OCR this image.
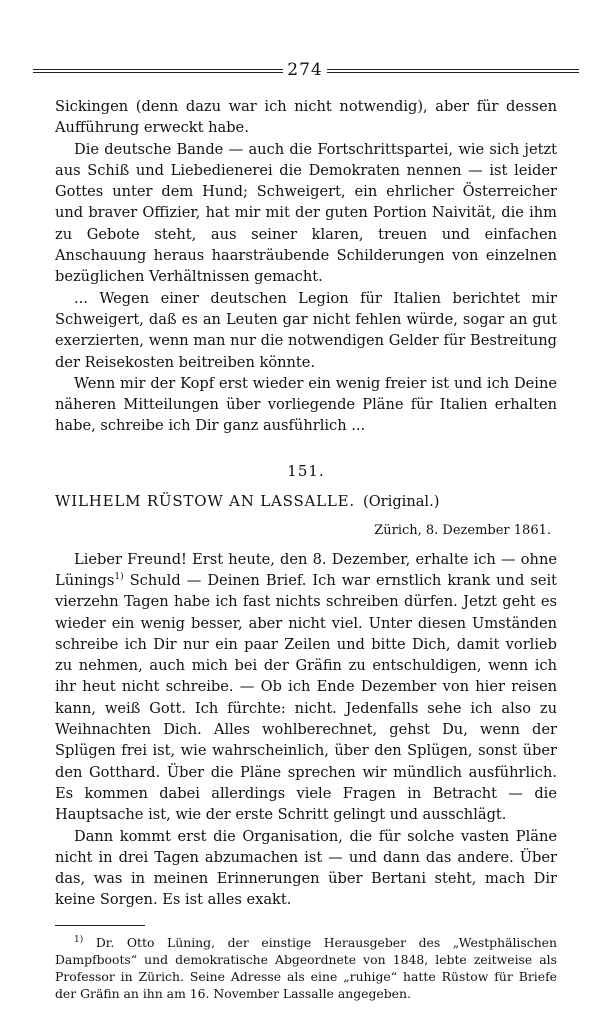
274

Sickingen (denn dazu war ich nicht notwendig), aber für dessen Aufführung erweckt habe.

Die deutsche Bande — auch die Fortschrittspartei, wie sich jetzt aus Schiß und Liebedienerei die Demokraten nennen — ist leider Gottes unter dem Hund; Schweigert, ein ehrlicher Österreicher und braver Offizier, hat mir mit der guten Portion Naivität, die ihm zu Gebote steht, aus seiner klaren, treuen und einfachen Anschauung heraus haarsträubende Schilderungen von einzelnen bezüglichen Verhältnissen gemacht.

... Wegen einer deutschen Legion für Italien berichtet mir Schweigert, daß es an Leuten gar nicht fehlen würde, sogar an gut exerzierten, wenn man nur die notwendigen Gelder für Bestreitung der Reisekosten beitreiben könnte.

Wenn mir der Kopf erst wieder ein wenig freier ist und ich Deine näheren Mitteilungen über vorliegende Pläne für Italien erhalten habe, schreibe ich Dir ganz ausführlich ...

151.
WILHELM RÜSTOW AN LASSALLE. (Original.)
Zürich, 8. Dezember 1861.

Lieber Freund! Erst heute, den 8. Dezember, erhalte ich — ohne Lünings$^{1)}$ Schuld — Deinen Brief. Ich war ernstlich krank und seit vierzehn Tagen habe ich fast nichts schreiben dürfen. Jetzt geht es wieder ein wenig besser, aber nicht viel. Unter diesen Umständen schreibe ich Dir nur ein paar Zeilen und bitte Dich, damit vorlieb zu nehmen, auch mich bei der Gräfin zu entschuldigen, wenn ich ihr heut nicht schreibe. — Ob ich Ende Dezember von hier reisen kann, weiß Gott. Ich fürchte: nicht. Jedenfalls sehe ich also zu Weihnachten Dich. Alles wohlberechnet, gehst Du, wenn der Splügen frei ist, wie wahrscheinlich, über den Splügen, sonst über den Gotthard. Über die Pläne sprechen wir mündlich ausführlich. Es kommen dabei allerdings viele Fragen in Betracht — die Hauptsache ist, wie der erste Schritt gelingt und ausschlägt.

Dann kommt erst die Organisation, die für solche vasten Pläne nicht in drei Tagen abzumachen ist — und dann das andere. Über das, was in meinen Erinnerungen über Bertani steht, mach Dir keine Sorgen. Es ist alles exakt.

$^{1)}$ Dr. Otto Lüning, der einstige Herausgeber des „Westphälischen Dampfboots“ und demokratische Abgeordnete von 1848, lebte zeitweise als Professor in Zürich. Seine Adresse als eine „ruhige“ hatte Rüstow für Briefe der Gräfin an ihn am 16. November Lassalle angegeben.
